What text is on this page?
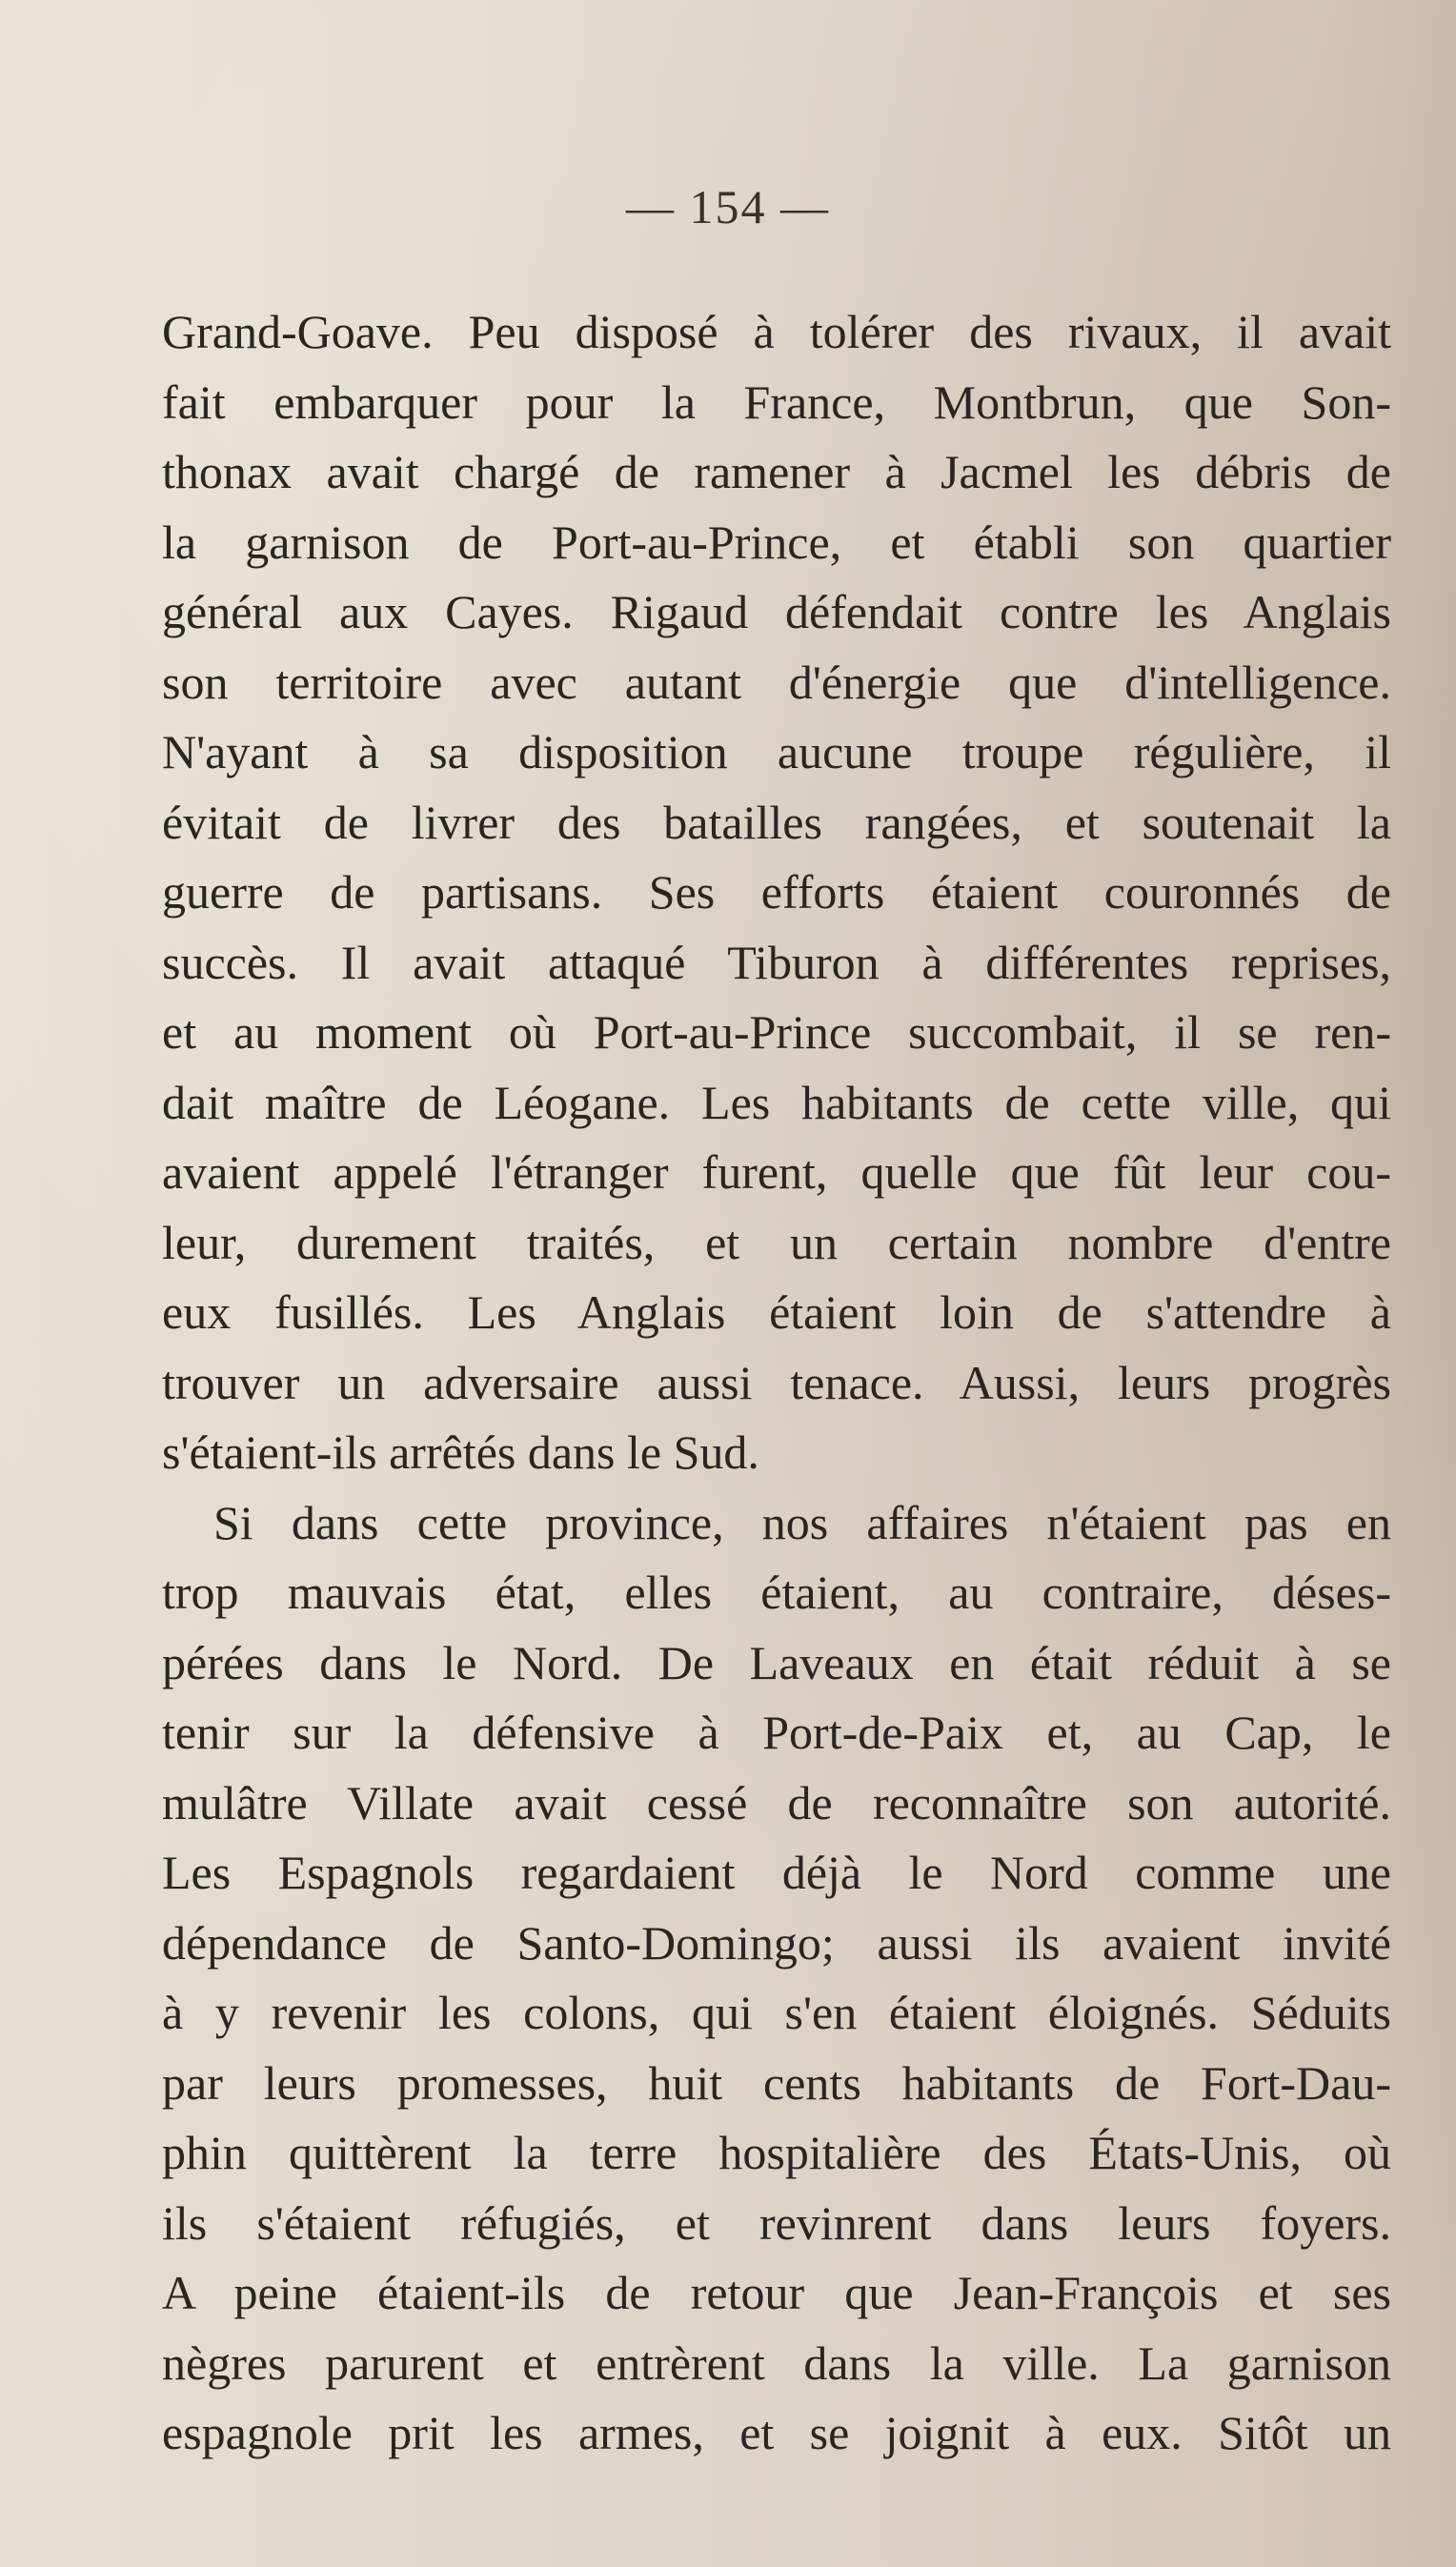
— 154 —
Grand-Goave. Peu disposé à tolérer des rivaux, il avait
fait embarquer pour la France, Montbrun, que Son-
thonax avait chargé de ramener à Jacmel les débris de
la garnison de Port-au-Prince, et établi son quartier
général aux Cayes. Rigaud défendait contre les Anglais
son territoire avec autant d'énergie que d'intelligence.
N'ayant à sa disposition aucune troupe régulière, il
évitait de livrer des batailles rangées, et soutenait la
guerre de partisans. Ses efforts étaient couronnés de
succès. Il avait attaqué Tiburon à différentes reprises,
et au moment où Port-au-Prince succombait, il se ren-
dait maître de Léogane. Les habitants de cette ville, qui
avaient appelé l'étranger furent, quelle que fût leur cou-
leur, durement traités, et un certain nombre d'entre
eux fusillés. Les Anglais étaient loin de s'attendre à
trouver un adversaire aussi tenace. Aussi, leurs progrès
s'étaient-ils arrêtés dans le Sud.
Si dans cette province, nos affaires n'étaient pas en
trop mauvais état, elles étaient, au contraire, déses-
pérées dans le Nord. De Laveaux en était réduit à se
tenir sur la défensive à Port-de-Paix et, au Cap, le
mulâtre Villate avait cessé de reconnaître son autorité.
Les Espagnols regardaient déjà le Nord comme une
dépendance de Santo-Domingo; aussi ils avaient invité
à y revenir les colons, qui s'en étaient éloignés. Séduits
par leurs promesses, huit cents habitants de Fort-Dau-
phin quittèrent la terre hospitalière des États-Unis, où
ils s'étaient réfugiés, et revinrent dans leurs foyers.
A peine étaient-ils de retour que Jean-François et ses
nègres parurent et entrèrent dans la ville. La garnison
espagnole prit les armes, et se joignit à eux. Sitôt un
